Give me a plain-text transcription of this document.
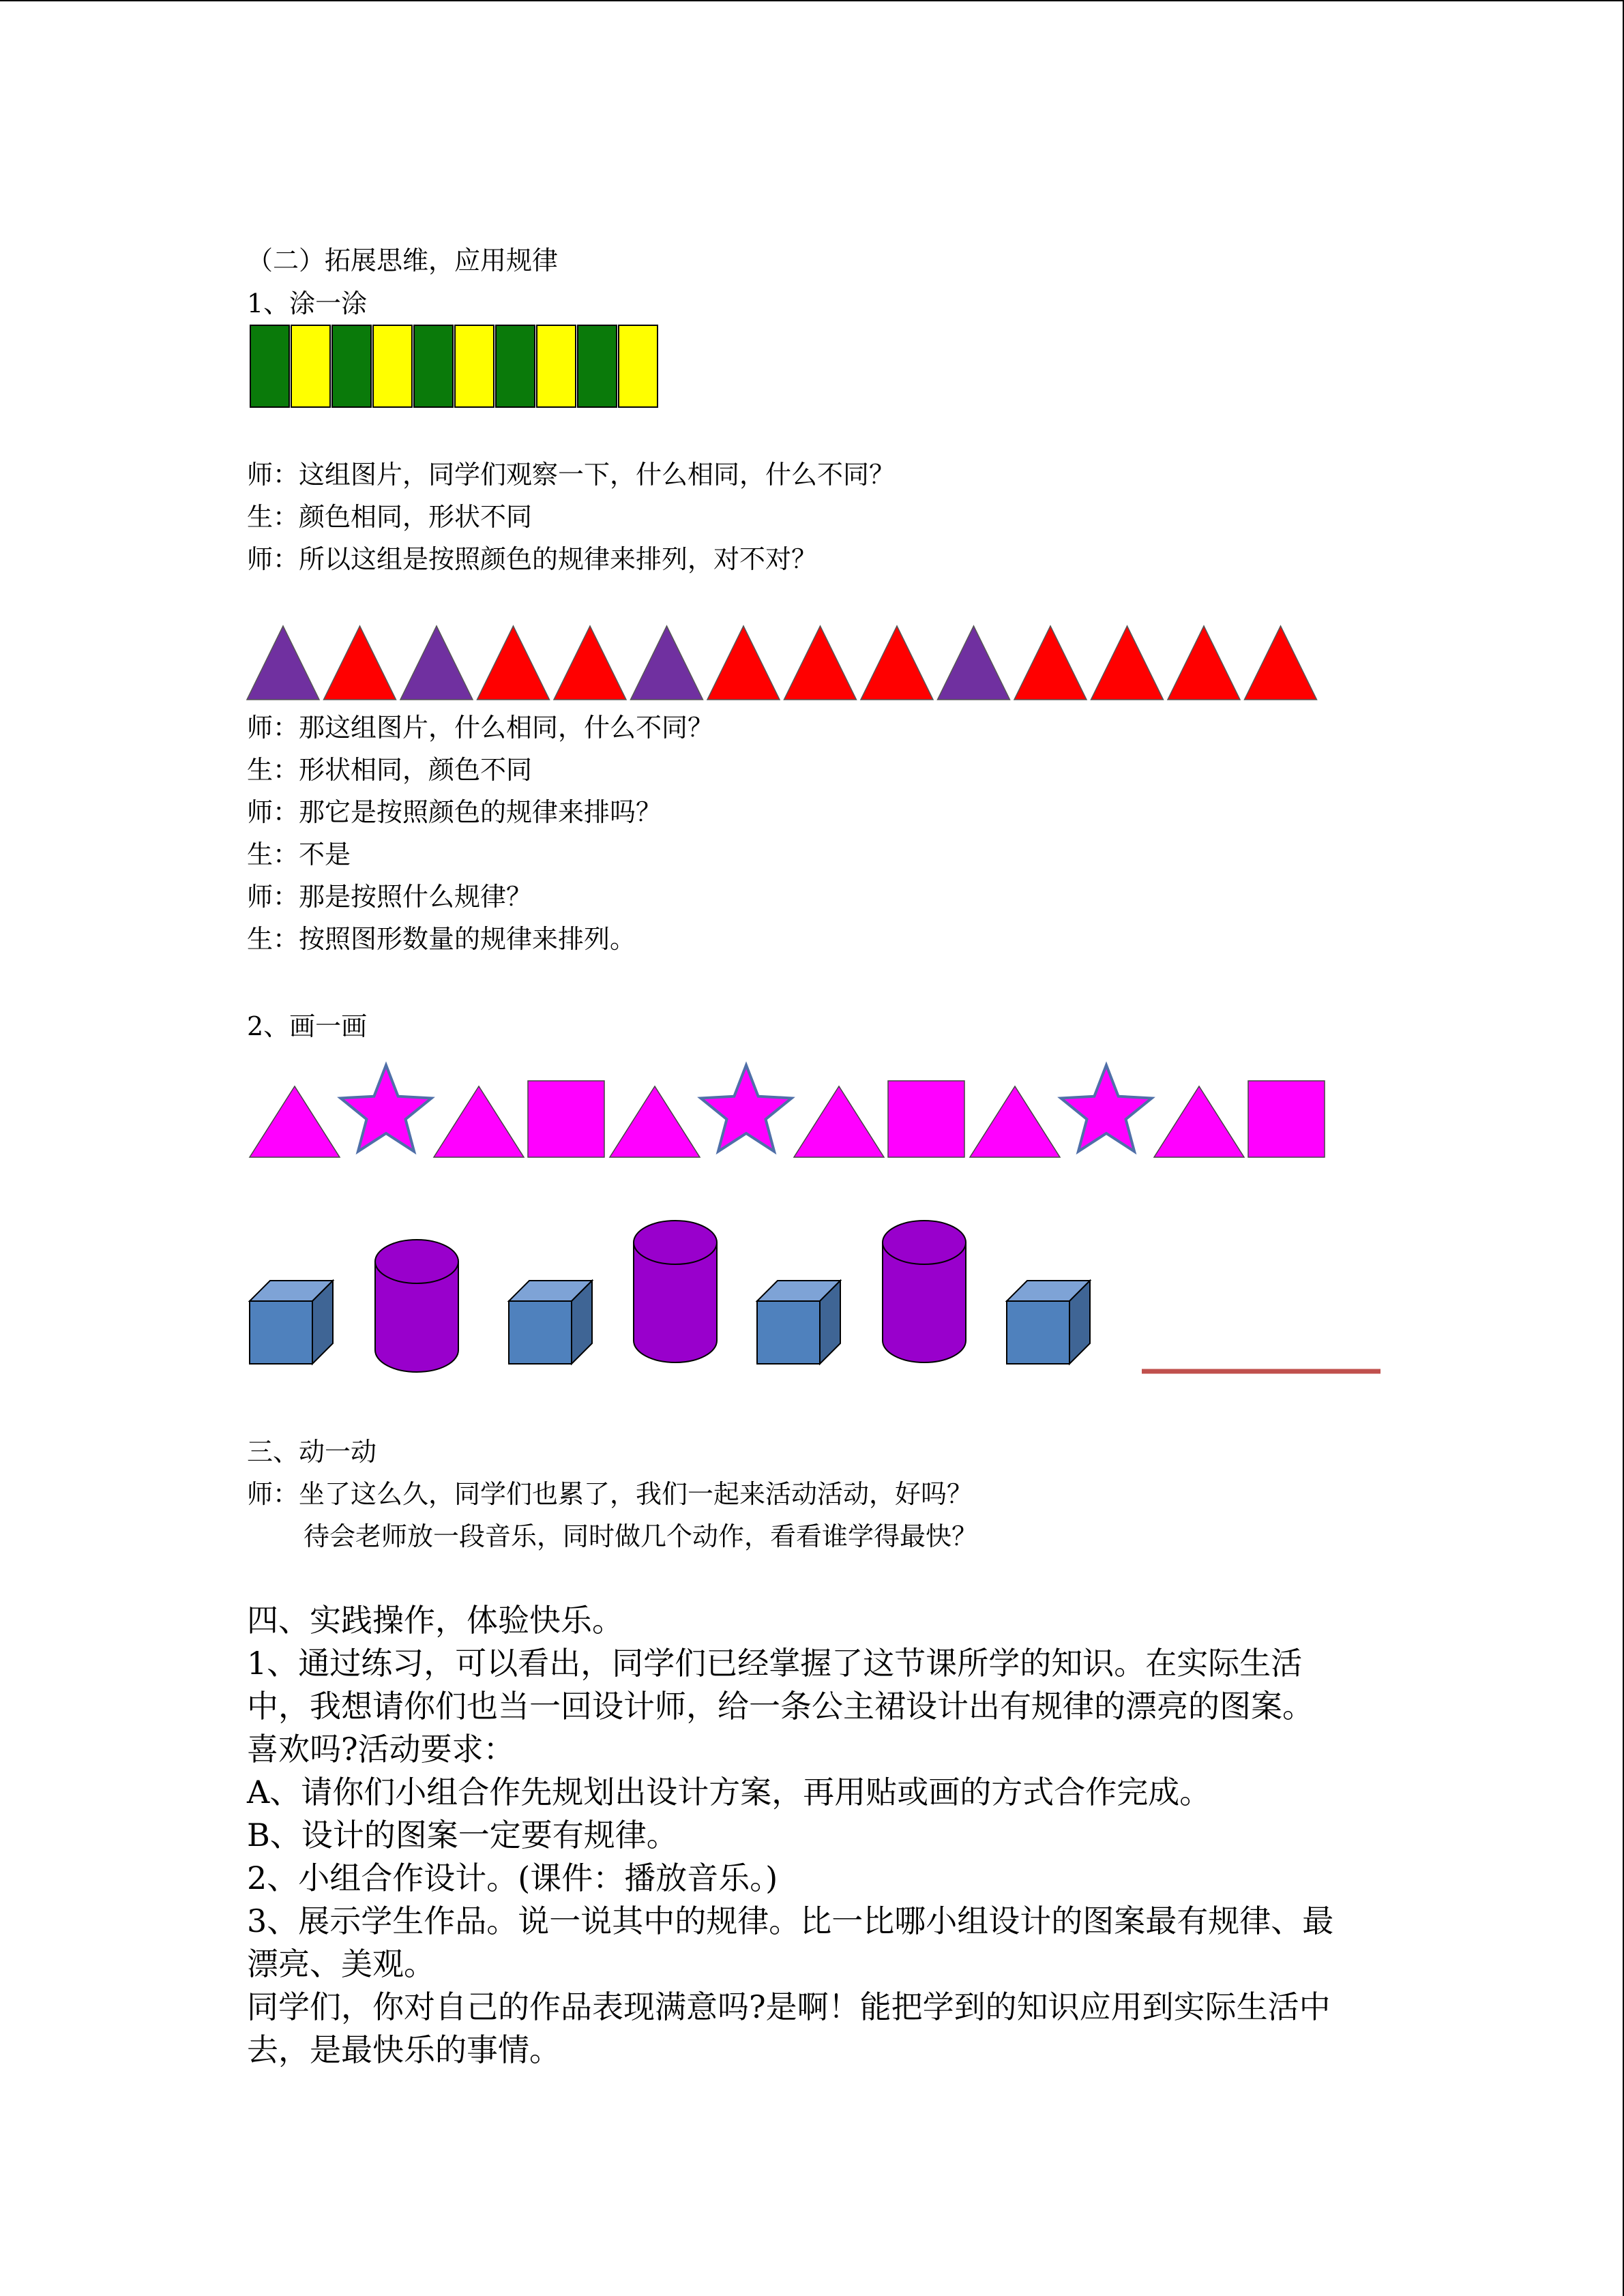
（二）拓展思维，应用规律
1、涂一涂
师：这组图片，同学们观察一下，什么相同，什么不同？
生：颜色相同，形状不同
师：所以这组是按照颜色的规律来排列，对不对？
师：那这组图片，什么相同，什么不同？
生：形状相同，颜色不同
师：那它是按照颜色的规律来排吗？
生：不是
师：那是按照什么规律？
生：按照图形数量的规律来排列。
2、画一画
三、动一动
师：坐了这么久，同学们也累了，我们一起来活动活动，好吗？
待会老师放一段音乐，同时做几个动作，看看谁学得最快？
四、实践操作，体验快乐。
1、通过练习，可以看出，同学们已经掌握了这节课所学的知识。在实际生活
中，我想请你们也当一回设计师，给一条公主裙设计出有规律的漂亮的图案。
喜欢吗?活动要求：
A、请你们小组合作先规划出设计方案，再用贴或画的方式合作完成。
B、设计的图案一定要有规律。
2、小组合作设计。(课件：播放音乐。)
3、展示学生作品。说一说其中的规律。比一比哪小组设计的图案最有规律、最
漂亮、美观。
同学们，你对自己的作品表现满意吗?是啊！能把学到的知识应用到实际生活中
去，是最快乐的事情。
